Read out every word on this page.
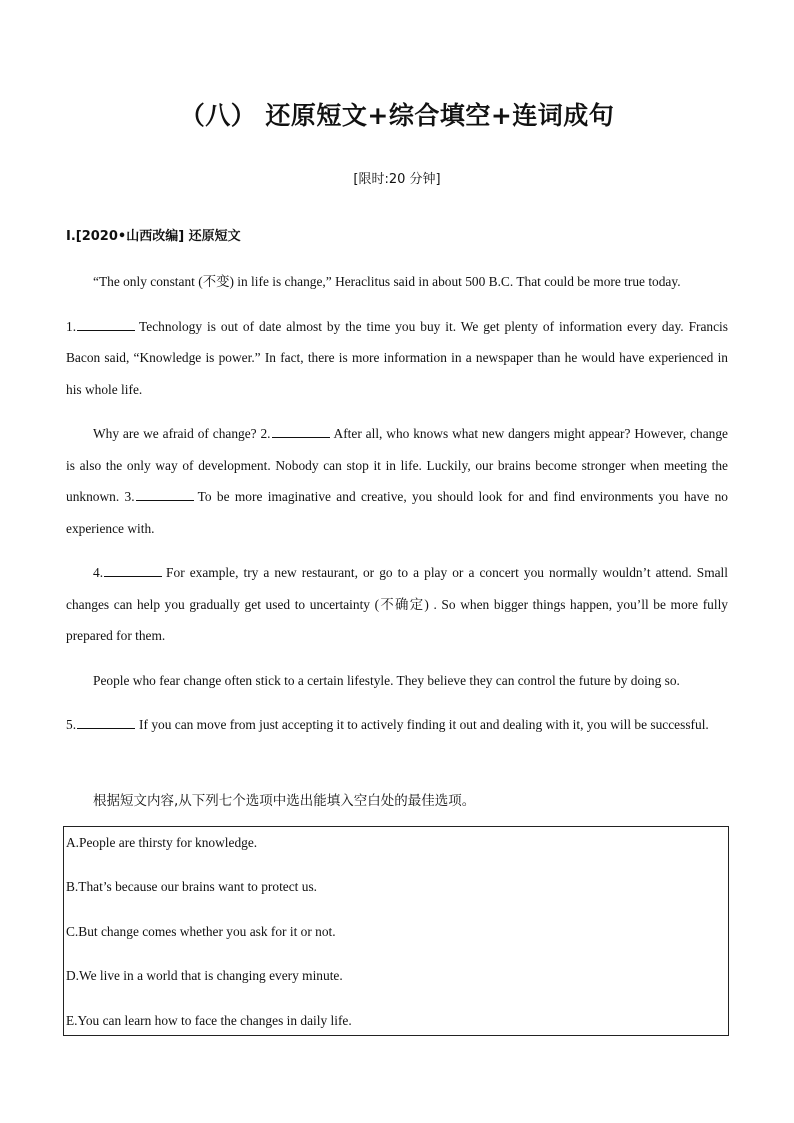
（八） 还原短文+综合填空+连词成句
[限时:20 分钟]
Ⅰ.[2020•山西改编] 还原短文

“The only constant (不变) in life is change,” Heraclitus said in about 500 B.C. That could be more true today.

1.	Technology is out of date almost by the time you buy it. We get plenty of information every day. Francis Bacon said, “Knowledge is power.” In fact, there is more information in a newspaper than he would have experienced in his whole life.

Why are we afraid of change? 2.	After all, who knows what new dangers might appear? However, change is also the only way of development. Nobody can stop it in life. Luckily, our brains become stronger when meeting the unknown. 3.	To be more imaginative and creative, you should look for and find environments you have no experience with.

4.	For example, try a new restaurant, or go to a play or a concert you normally wouldn’t attend. Small changes can help you gradually get used to uncertainty (不确定) . So when bigger things happen, you’ll be more fully prepared for them.

People who fear change often stick to a certain lifestyle. They believe they can control the future by doing so.

5.	If you can move from just accepting it to actively finding it out and dealing with it, you will be successful.

根据短文内容,从下列七个选项中选出能填入空白处的最佳选项。
A.People are thirsty for knowledge.
B.That’s because our brains want to protect us.
C.But change comes whether you ask for it or not.
D.We live in a world that is changing every minute.
E.You can learn how to face the changes in daily life.
